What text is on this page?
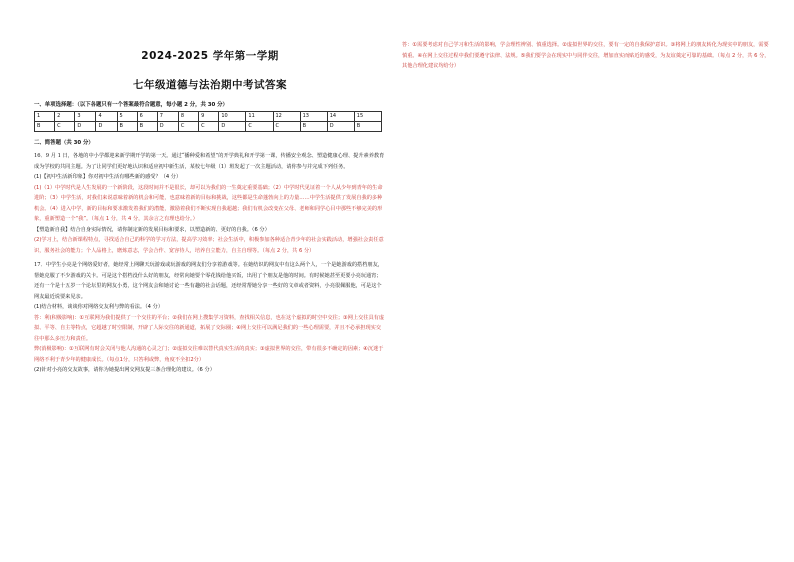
2024-2025 学年第一学期
七年级道德与法治期中考试答案
一、单项选择题：（以下各题只有一个答案最符合题意，每小题 2 分，共 30 分）
1	2	3	4	5	6	7	8	9	10	11	12	13	14	15
B	C	D	D	B	B	D	C	C	D	C	C	B	D	B
二、简答题（共 30 分）

16．9 月 1 日，各地的中小学都迎来新学期开学的第一天。通过“播种爱和希望”的开学典礼和开学第一课，传播安全观念、塑造健康心理、提升素养教育成为学校的共同主题。为了让同学们更好地认识和适应初中新生活，某校七年级（1）班发起了一次主题活动，请你参与并完成下列任务。

(1)【初中生活新印象】你对初中生活有哪些新的感受？（4 分）

(1)（1）中学时代是人生发展的一个新阶段，这段时间并不是很长，却可以为我们的一生奠定重要基础；（2）中学时代见证着一个人从少年到青年的生命进阶；（3）中学生活，对我们来说意味着新的机会和可能，也意味着新的目标和挑战，这些都是生命蓬勃向上的力量……中学生活提供了发展自我的多种机会。（4）进入中学，新的目标和要求激发着我们的潜能，激励着我们不断实现自我超越；我们有机会改变在父母、老师和同学心目中那些不够完美的形象，重新塑造一个“我”。（每点 1 分，共 4 分，其余言之有理也给分。）

【塑造新自我】结合自身实际情况，请你制定新的发展目标和要求，以塑造新的、更好的自我。（6 分）

(2)学习上，结合新课程特点，寻找适合自己的科学的学习方法，提高学习效率；社会生活中，积极参加各种适合青少年的社会实践活动，增强社会责任意识，服务社会的能力；个人品格上，磨炼意志，学会合作、宽容待人，培养自立能力，自主自理等。（每点 2 分，共 6 分）

17．中学生小亮是个网络爱好者，她经常上网聊天玩游戏或玩游戏的网友们分享着游戏等。在她结识的网友中有这么两个人，一个是她游戏的搭档朋友，帮她克服了不少游戏的关卡。可是这个搭档没什么好的朋友，经常向她要个零花钱给他买饭，出用了个朋友是他的时间。有时候她甚至更要小亮玩通宵；还有一个是十五岁一个论坛里的网友小勇，这个网友会和她讨论一些有趣的社会话题，还经常帮她分享一些好的文章或者资料，小亮很佩服他，可是这个网友最近说要来见亲。

(1)结合材料，谈谈你对网络交友利与弊的看法。（4 分）

答：利(积极影响)：①互联网为我们提供了一个交往的平台；②我们在网上搜集学习资料，查找相关信息，也在这个虚拟的时空中交往；③网上交往具有虚拟、平等、自主等特点，它超越了时空限制，开辟了人际交往的新通道，拓展了交际圈；④网上交往可以满足我们的一些心理需要，并且不必承担现实交往中那么多压力和责任。

弊(消极影响)：①互联网有时会关闭与他人沟通的心灵之门；②虚拟交往难以替代真实生活的真实；③虚拟世界的交往，带有很多不确定的因素；④沉迷于网络不利于青少年的健康成长。（每点1分，只答利或弊，角度不全扣2分）

(2)针对小亮的交友故事，请你为她提出网交网友提三条合理化的建议。（6 分）

答：①需要考虑对自己学习和生活的影响，学会理性辨别、慎重选择。②虚拟世界的交往，要有一定的自我保护意识。③将网上的朋友转化为现实中的朋友，需要慎重。④在网上交往过程中我们要遵守法律、法规。⑤我们要学会在现实中与同伴交往，增加直实而贴近的感受，为友谊奠定可靠的基础。（每点 2 分，共 6 分，其他合理化建议均给分）
